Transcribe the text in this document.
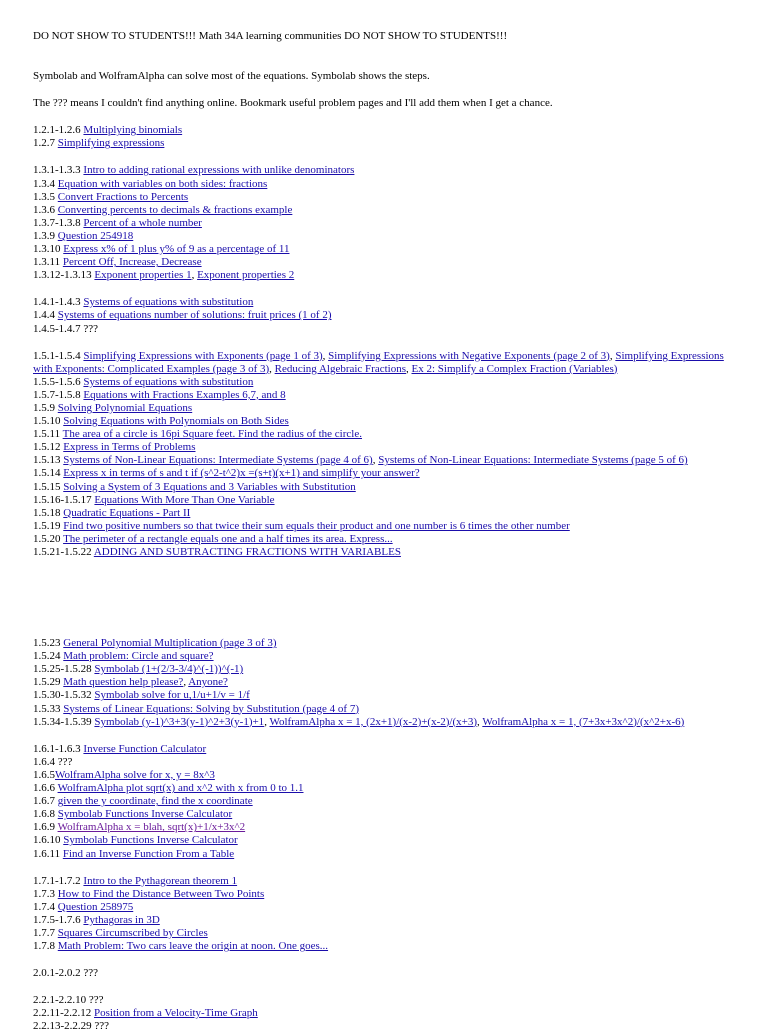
DO NOT SHOW TO STUDENTS!!! Math 34A learning communities DO NOT SHOW TO STUDENTS!!!

Symbolab and WolframAlpha can solve most of the equations. Symbolab shows the steps.

The ??? means I couldn't find anything online. Bookmark useful problem pages and I'll add them when I get a chance.

1.2.1-1.2.6 Multiplying binomials
1.2.7 Simplifying expressions
1.3.1-1.3.3 Intro to adding rational expressions with unlike denominators
1.3.4 Equation with variables on both sides: fractions
1.3.5 Convert Fractions to Percents
1.3.6 Converting percents to decimals & fractions example
1.3.7-1.3.8 Percent of a whole number
1.3.9 Question 254918
1.3.10 Express x% of 1 plus y% of 9 as a percentage of 11
1.3.11 Percent Off, Increase, Decrease
1.3.12-1.3.13 Exponent properties 1, Exponent properties 2
1.4.1-1.4.3 Systems of equations with substitution
1.4.4 Systems of equations number of solutions: fruit prices (1 of 2)
1.4.5-1.4.7 ???
1.5.1-1.5.4 Simplifying Expressions with Exponents (page 1 of 3), Simplifying Expressions with Negative Exponents (page 2 of 3), Simplifying Expressions with Exponents: Complicated Examples (page 3 of 3), Reducing Algebraic Fractions, Ex 2: Simplify a Complex Fraction (Variables)
1.5.5-1.5.6 Systems of equations with substitution
1.5.7-1.5.8 Equations with Fractions Examples 6,7, and 8
1.5.9 Solving Polynomial Equations
1.5.10 Solving Equations with Polynomials on Both Sides
1.5.11 The area of a circle is 16pi Square feet. Find the radius of the circle.
1.5.12 Express in Terms of Problems
1.5.13 Systems of Non-Linear Equations: Intermediate Systems (page 4 of 6), Systems of Non-Linear Equations: Intermediate Systems (page 5 of 6)
1.5.14 Express x in terms of s and t if (s^2-t^2)x =(s+t)(x+1) and simplify your answer?
1.5.15 Solving a System of 3 Equations and 3 Variables with Substitution
1.5.16-1.5.17 Equations With More Than One Variable
1.5.18 Quadratic Equations - Part II
1.5.19 Find two positive numbers so that twice their sum equals their product and one number is 6 times the other number
1.5.20 The perimeter of a rectangle equals one and a half times its area. Express...
1.5.21-1.5.22 ADDING AND SUBTRACTING FRACTIONS WITH VARIABLES
1.5.23 General Polynomial Multiplication (page 3 of 3)
1.5.24 Math problem: Circle and square?
1.5.25-1.5.28 Symbolab (1+(2/3-3/4)^(-1))^(-1)
1.5.29 Math question help please?, Anyone?
1.5.30-1.5.32 Symbolab solve for u,1/u+1/v = 1/f
1.5.33 Systems of Linear Equations: Solving by Substitution (page 4 of 7)
1.5.34-1.5.39 Symbolab (y-1)^3+3(y-1)^2+3(y-1)+1, WolframAlpha x = 1, (2x+1)/(x-2)+(x-2)/(x+3), WolframAlpha x = 1, (7+3x+3x^2)/(x^2+x-6)
1.6.1-1.6.3 Inverse Function Calculator
1.6.4 ???
1.6.5WolframAlpha solve for x, y = 8x^3
1.6.6 WolframAlpha plot sqrt(x) and x^2 with x from 0 to 1.1
1.6.7 given the y coordinate, find the x coordinate
1.6.8 Symbolab Functions Inverse Calculator
1.6.9 WolframAlpha x = blah, sqrt(x)+1/x+3x^2
1.6.10 Symbolab Functions Inverse Calculator
1.6.11 Find an Inverse Function From a Table
1.7.1-1.7.2 Intro to the Pythagorean theorem 1
1.7.3 How to Find the Distance Between Two Points
1.7.4 Question 258975
1.7.5-1.7.6 Pythagoras in 3D
1.7.7 Squares Circumscribed by Circles
1.7.8 Math Problem: Two cars leave the origin at noon. One goes...
2.0.1-2.0.2 ???
2.2.1-2.2.10 ???
2.2.11-2.2.12 Position from a Velocity-Time Graph
2.2.13-2.2.29 ???
